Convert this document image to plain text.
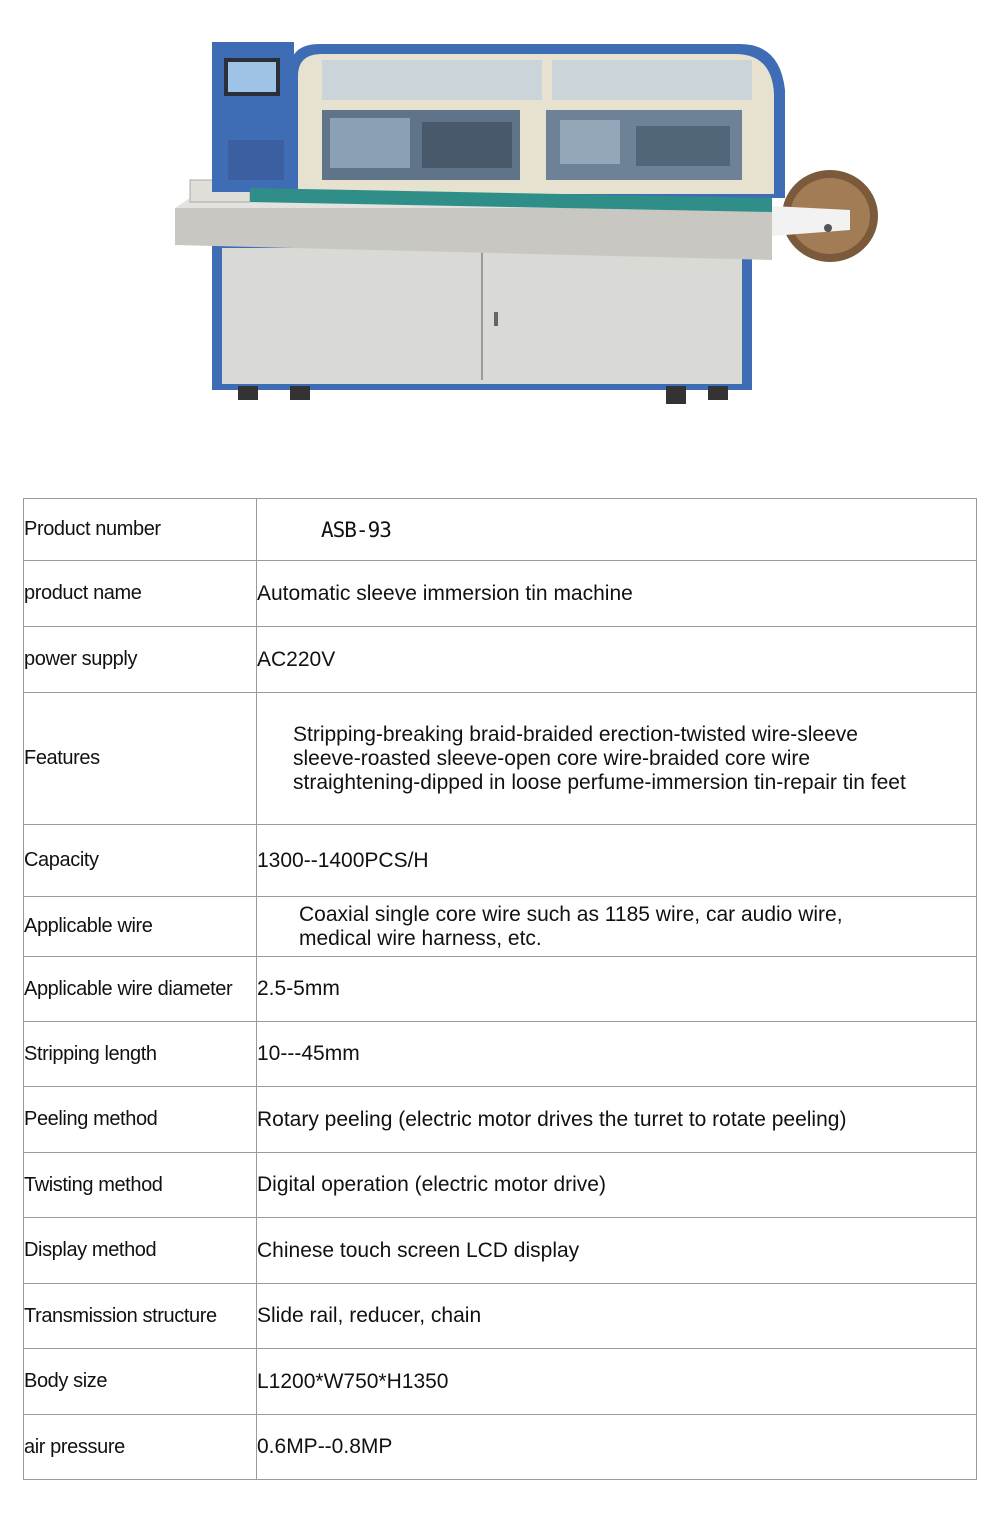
Product number	ASB-93
product name	Automatic sleeve immersion tin machine
power supply	AC220V
Features	Stripping-breaking braid-braided erection-twisted wire-sleeve
sleeve-roasted sleeve-open core wire-braided core wire
straightening-dipped in loose perfume-immersion tin-repair tin feet

Capacity	1300--1400PCS/H
Applicable wire	Coaxial single core wire such as 1185 wire, car audio wire,
medical wire harness, etc.

Applicable wire diameter	2.5-5mm
Stripping length	10---45mm
Peeling method	Rotary peeling (electric motor drives the turret to rotate peeling)
Twisting method	Digital operation (electric motor drive)
Display method	Chinese touch screen LCD display
Transmission structure	Slide rail, reducer, chain
Body size	L1200*W750*H1350
air pressure	0.6MP--0.8MP
